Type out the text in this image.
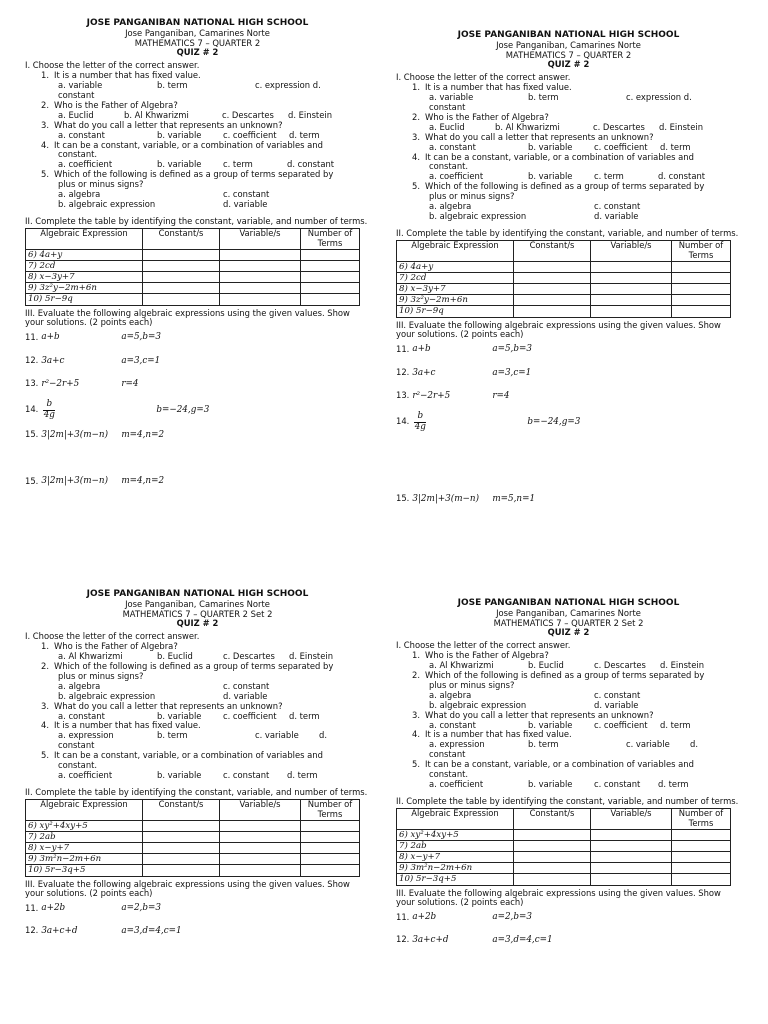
JOSE PANGANIBAN NATIONAL HIGH SCHOOL
Jose Panganiban, Camarines Norte
MATHEMATICS 7 – QUARTER 2
QUIZ # 2
I. Choose the letter of the correct answer.
1. It is a number that has fixed value.
a. variable	b. term	c. expression d.
constant
2. Who is the Father of Algebra?
a. Euclid	b. Al Khwarizmi	c. Descartes	d. Einstein
3. What do you call a letter that represents an unknown?
a. constant	b. variable	c. coefficient	d. term
4. It can be a constant, variable, or a combination of variables and
constant.
a. coefficient	b. variable	c. term	d. constant
5. Which of the following is defined as a group of terms separated by
plus or minus signs?
a. algebra	c. constant
b. algebraic expression	d. variable
II. Complete the table by identifying the constant, variable, and number of terms.
Algebraic Expression	Constant/s	Variable/s	Number of Terms
6) 4a+y			
7) 2cd			
8) x−3y+7			
9) 3z²y−2m+6n			
10) 5r−9q			
III. Evaluate the following algebraic expressions using the given values. Show your solutions. (2 points each)
11. a+b	a=5,b=3
12. 3a+c	a=3,c=1
13. r²−2r+5	r=4
14. $\frac{b}{4g}$	b=−24,g=3
15. 3|2m|+3(m−n)	m=4,n=2
15. 3|2m|+3(m−n)	m=4,n=2
JOSE PANGANIBAN NATIONAL HIGH SCHOOL
Jose Panganiban, Camarines Norte
MATHEMATICS 7 – QUARTER 2
QUIZ # 2
I. Choose the letter of the correct answer.
1. It is a number that has fixed value.
a. variable	b. term	c. expression d.
constant
2. Who is the Father of Algebra?
a. Euclid	b. Al Khwarizmi	c. Descartes	d. Einstein
3. What do you call a letter that represents an unknown?
a. constant	b. variable	c. coefficient	d. term
4. It can be a constant, variable, or a combination of variables and
constant.
a. coefficient	b. variable	c. term	d. constant
5. Which of the following is defined as a group of terms separated by
plus or minus signs?
a. algebra	c. constant
b. algebraic expression	d. variable
II. Complete the table by identifying the constant, variable, and number of terms.
Algebraic Expression	Constant/s	Variable/s	Number of Terms
6) 4a+y			
7) 2cd			
8) x−3y+7			
9) 3z²y−2m+6n			
10) 5r−9q			
III. Evaluate the following algebraic expressions using the given values. Show your solutions. (2 points each)
11. a+b	a=5,b=3
12. 3a+c	a=3,c=1
13. r²−2r+5	r=4
14. $\frac{b}{4g}$	b=−24,g=3
15. 3|2m|+3(m−n)	m=5,n=1
JOSE PANGANIBAN NATIONAL HIGH SCHOOL
Jose Panganiban, Camarines Norte
MATHEMATICS 7 – QUARTER 2 Set 2
QUIZ # 2
I. Choose the letter of the correct answer.
1. Who is the Father of Algebra?
a. Al Khwarizmi	b. Euclid	c. Descartes	d. Einstein
2. Which of the following is defined as a group of terms separated by
plus or minus signs?
a. algebra	c. constant
b. algebraic expression	d. variable
3. What do you call a letter that represents an unknown?
a. constant	b. variable	c. coefficient	d. term
4. It is a number that has fixed value.
a. expression	b. term	c. variable	d.
constant
5. It can be a constant, variable, or a combination of variables and
constant.
a. coefficient	b. variable	c. constant	d. term
II. Complete the table by identifying the constant, variable, and number of terms.
Algebraic Expression	Constant/s	Variable/s	Number of Terms
6) xy²+4xy+5			
7) 2ab			
8) x−y+7			
9) 3m²n−2m+6n			
10) 5r−3q+5			
III. Evaluate the following algebraic expressions using the given values. Show your solutions. (2 points each)
11. a+2b	a=2,b=3
12. 3a+c+d	a=3,d=4,c=1
JOSE PANGANIBAN NATIONAL HIGH SCHOOL
Jose Panganiban, Camarines Norte
MATHEMATICS 7 – QUARTER 2 Set 2
QUIZ # 2
I. Choose the letter of the correct answer.
1. Who is the Father of Algebra?
a. Al Khwarizmi	b. Euclid	c. Descartes	d. Einstein
2. Which of the following is defined as a group of terms separated by
plus or minus signs?
a. algebra	c. constant
b. algebraic expression	d. variable
3. What do you call a letter that represents an unknown?
a. constant	b. variable	c. coefficient	d. term
4. It is a number that has fixed value.
a. expression	b. term	c. variable	d.
constant
5. It can be a constant, variable, or a combination of variables and
constant.
a. coefficient	b. variable	c. constant	d. term
II. Complete the table by identifying the constant, variable, and number of terms.
Algebraic Expression	Constant/s	Variable/s	Number of Terms
6) xy²+4xy+5			
7) 2ab			
8) x−y+7			
9) 3m²n−2m+6n			
10) 5r−3q+5			
III. Evaluate the following algebraic expressions using the given values. Show your solutions. (2 points each)
11. a+2b	a=2,b=3
12. 3a+c+d	a=3,d=4,c=1
